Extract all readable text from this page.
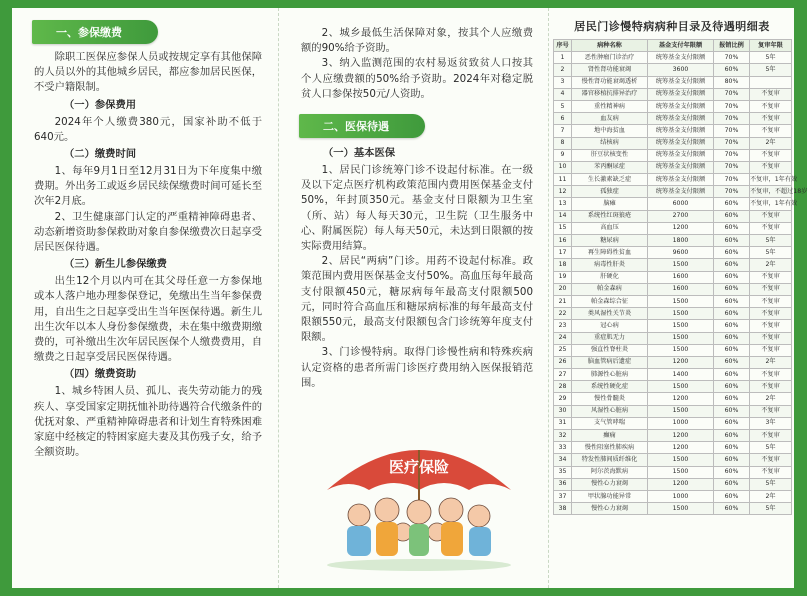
一、参保缴费

除职工医保应参保人员或按规定享有其他保障的人员以外的其他城乡居民，都应参加居民医保，不受户籍限制。

（一）参保费用

2024年个人缴费380元，国家补助不低于640元。

（二）缴费时间

1、每年9月1日至12月31日为下年度集中缴费期。外出务工或返乡居民续保缴费时间可延长至次年2月底。

2、卫生健康部门认定的严重精神障碍患者、动态新增资助参保救助对象自参保缴费次日起享受居民医保待遇。

（三）新生儿参保缴费

出生12个月以内可在其父母任意一方参保地或本人落户地办理参保登记，免缴出生当年参保费用，自出生之日起享受出生当年医保待遇。新生儿出生次年以本人身份参保缴费，未在集中缴费期缴费的，可补缴出生次年居民医保个人缴费费用，自缴费之日起享受居民医保待遇。

（四）缴费资助

1、城乡特困人员、孤儿、丧失劳动能力的残疾人、享受国家定期抚恤补助待遇符合代缴条件的优抚对象、严重精神障碍患者和计划生育特殊困难家庭中经核定的特困家庭夫妻及其伤残子女，给予全额资助。

2、城乡最低生活保障对象，按其个人应缴费额的90%给予资助。

3、纳入监测范围的农村易返贫致贫人口按其个人应缴费额的50%给予资助。2024年对稳定脱贫人口参保按50元/人资助。

二、医保待遇
（一）基本医保

1、居民门诊统筹门诊不设起付标准。在一级及以下定点医疗机构政策范围内费用医保基金支付50%，年封顶350元。基金支付日限额为卫生室（所、站）每人每天30元，卫生院（卫生服务中心、附属医院）每人每天50元，未达到日限额的按实际费用结算。

2、居民“两病”门诊。用药不设起付标准。政策范围内费用医保基金支付50%。高血压每年最高支付限额450元，糖尿病每年最高支付限额500元，同时符合高血压和糖尿病标准的每年最高支付限额550元，最高支付限额包含门诊统筹年度支付限额。

3、门诊慢特病。取得门诊慢性病和特殊疾病认定资格的患者所需门诊医疗费用纳入医保报销范围。

医疗保险
居民门诊慢特病病种目录及待遇明细表
序号	病种名称	基金支付年限额	报销比例	复审年限
1	恶性肿瘤门诊治疗	统筹基金支付限额	70%	5年
2	肾性肾功能衰竭	3600	60%	5年
3	慢性肾功能衰竭透析	统筹基金支付限额	80%	
4	器官移植抗排异治疗	统筹基金支付限额	70%	不复审
5	重性精神病	统筹基金支付限额	70%	不复审
6	血友病	统筹基金支付限额	70%	不复审
7	地中海贫血	统筹基金支付限额	70%	不复审
8	结核病	统筹基金支付限额	70%	2年
9	肝豆状核变性	统筹基金支付限额	70%	不复审
10	苯丙酮尿症	统筹基金支付限额	70%	不复审
11	生长激素缺乏症	统筹基金支付限额	70%	不复审，1年有效
12	孤独症	统筹基金支付限额	70%	不复审，不超过18岁
13	脑瘫	6000	60%	不复审，1年有效
14	系统性红斑狼疮	2700	60%	不复审
15	高血压	1200	60%	不复审
16	糖尿病	1800	60%	5年
17	再生障碍性贫血	9600	60%	5年
18	病毒性肝炎	1500	60%	2年
19	肝硬化	1600	60%	不复审
20	帕金森病	1600	60%	不复审
21	帕金森综合征	1500	60%	不复审
22	类风湿性关节炎	1500	60%	不复审
23	冠心病	1500	60%	不复审
24	重症肌无力	1500	60%	不复审
25	强直性脊柱炎	1500	60%	不复审
26	脑血管病后遗症	1200	60%	2年
27	肺源性心脏病	1400	60%	不复审
28	系统性硬化症	1500	60%	不复审
29	慢性骨髓炎	1200	60%	2年
30	风湿性心脏病	1500	60%	不复审
31	支气管哮喘	1000	60%	3年
32	癫痫	1200	60%	不复审
33	慢性阻塞性肺疾病	1200	60%	5年
34	特发性肺间质纤维化	1500	60%	不复审
35	阿尔茨海默病	1500	60%	不复审
36	慢性心力衰竭	1200	60%	5年
37	甲状腺功能异常	1000	60%	2年
38	慢性心力衰竭	1500	60%	5年
